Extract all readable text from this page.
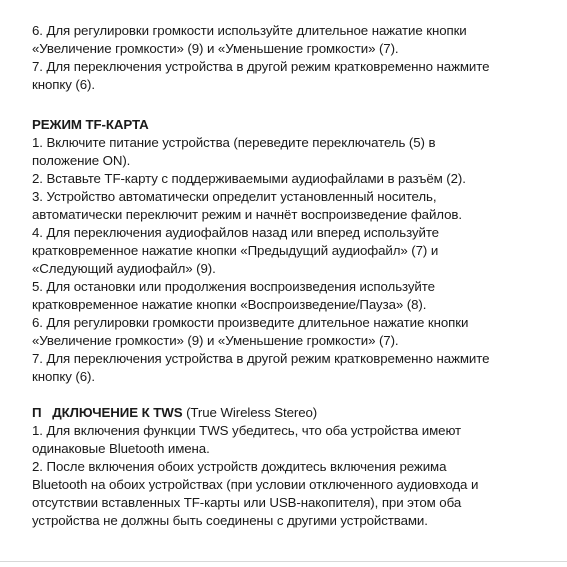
6. Для регулировки громкости используйте длительное нажатие кнопки
«Увеличение громкости» (9) и «Уменьшение громкости» (7).
7. Для переключения устройства в другой режим кратковременно нажмите
кнопку (6).
РЕЖИМ TF-КАРТА
1. Включите питание устройства (переведите переключатель (5) в
положение ON).
2. Вставьте TF-карту с поддерживаемыми аудиофайлами в разъём (2).
3. Устройство автоматически определит установленный носитель,
автоматически переключит режим и начнёт воспроизведение файлов.
4. Для переключения аудиофайлов назад или вперед используйте
кратковременное нажатие кнопки «Предыдущий аудиофайл» (7) и
«Следующий аудиофайл» (9).
5. Для остановки или продолжения воспроизведения используйте
кратковременное нажатие кнопки «Воспроизведение/Пауза» (8).
6. Для регулировки громкости произведите длительное нажатие кнопки
«Увеличение громкости» (9) и «Уменьшение громкости» (7).
7. Для переключения устройства в другой режим кратковременно нажмите
кнопку (6).
П   ДКЛЮЧЕНИЕ К TWS (True Wireless Stereo)
1. Для включения функции TWS убедитесь, что оба устройства имеют
одинаковые Bluetooth имена.
2. После включения обоих устройств дождитесь включения режима
Bluetooth на обоих устройствах (при условии отключенного аудиовхода и
отсутствии вставленных TF-карты или USB-накопителя), при этом оба
устройства не должны быть соединены с другими устройствами.
